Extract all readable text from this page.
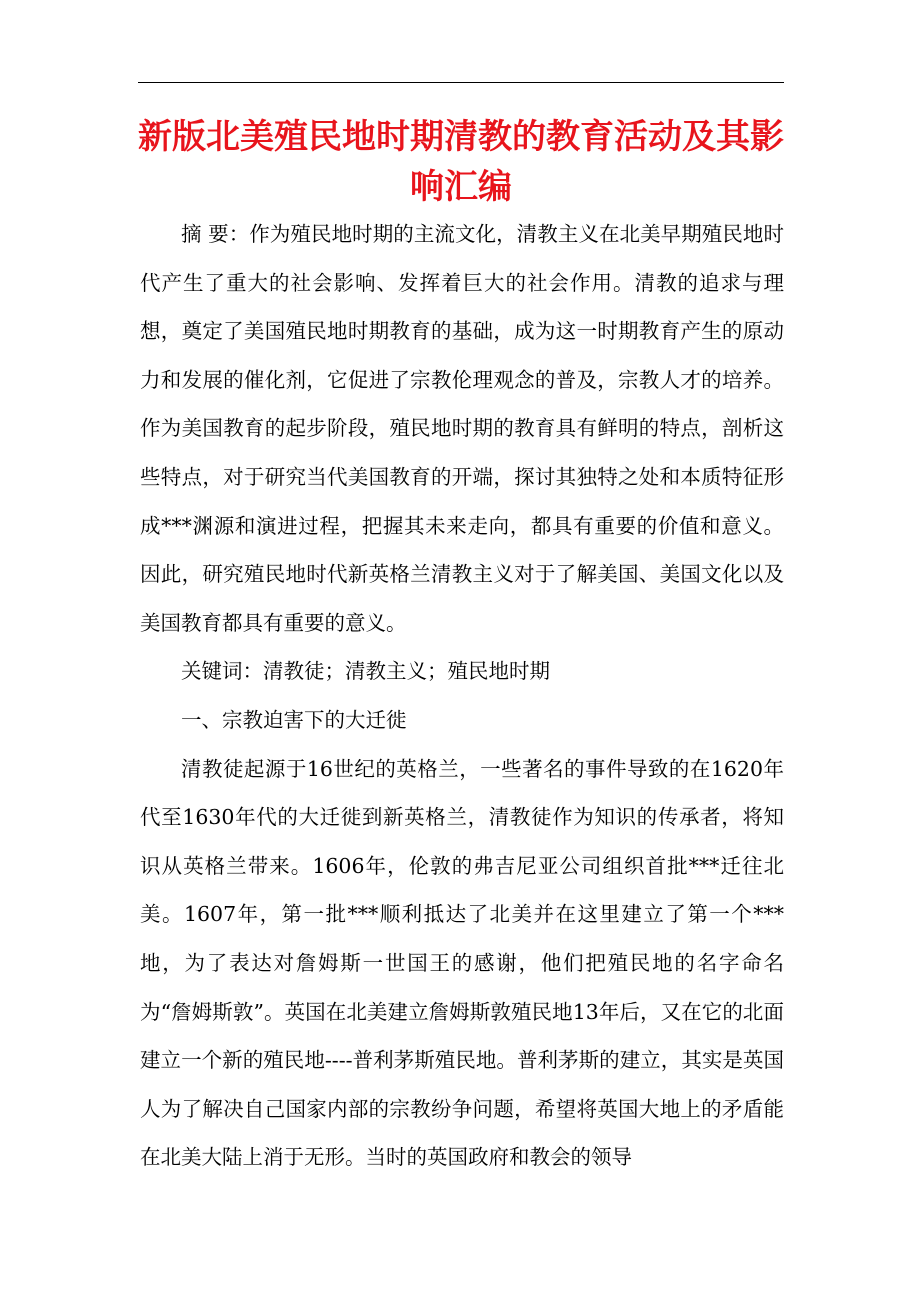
新版北美殖民地时期清教的教育活动及其影响汇编

摘 要：作为殖民地时期的主流文化，清教主义在北美早期殖民地时代产生了重大的社会影响、发挥着巨大的社会作用。清教的追求与理想，奠定了美国殖民地时期教育的基础，成为这一时期教育产生的原动力和发展的催化剂，它促进了宗教伦理观念的普及，宗教人才的培养。作为美国教育的起步阶段，殖民地时期的教育具有鲜明的特点，剖析这些特点，对于研究当代美国教育的开端，探讨其独特之处和本质特征形成***渊源和演进过程，把握其未来走向，都具有重要的价值和意义。因此，研究殖民地时代新英格兰清教主义对于了解美国、美国文化以及美国教育都具有重要的意义。

关键词：清教徒；清教主义；殖民地时期

一、宗教迫害下的大迁徙

清教徒起源于16世纪的英格兰，一些著名的事件导致的在1620年代至1630年代的大迁徙到新英格兰，清教徒作为知识的传承者，将知识从英格兰带来。1606年，伦敦的弗吉尼亚公司组织首批***迁往北美。1607年，第一批***顺利抵达了北美并在这里建立了第一个***地，为了表达对詹姆斯一世国王的感谢，他们把殖民地的名字命名为“詹姆斯敦”。英国在北美建立詹姆斯敦殖民地13年后，又在它的北面建立一个新的殖民地----普利茅斯殖民地。普利茅斯的建立，其实是英国人为了解决自己国家内部的宗教纷争问题，希望将英国大地上的矛盾能在北美大陆上消于无形。当时的英国政府和教会的领导
